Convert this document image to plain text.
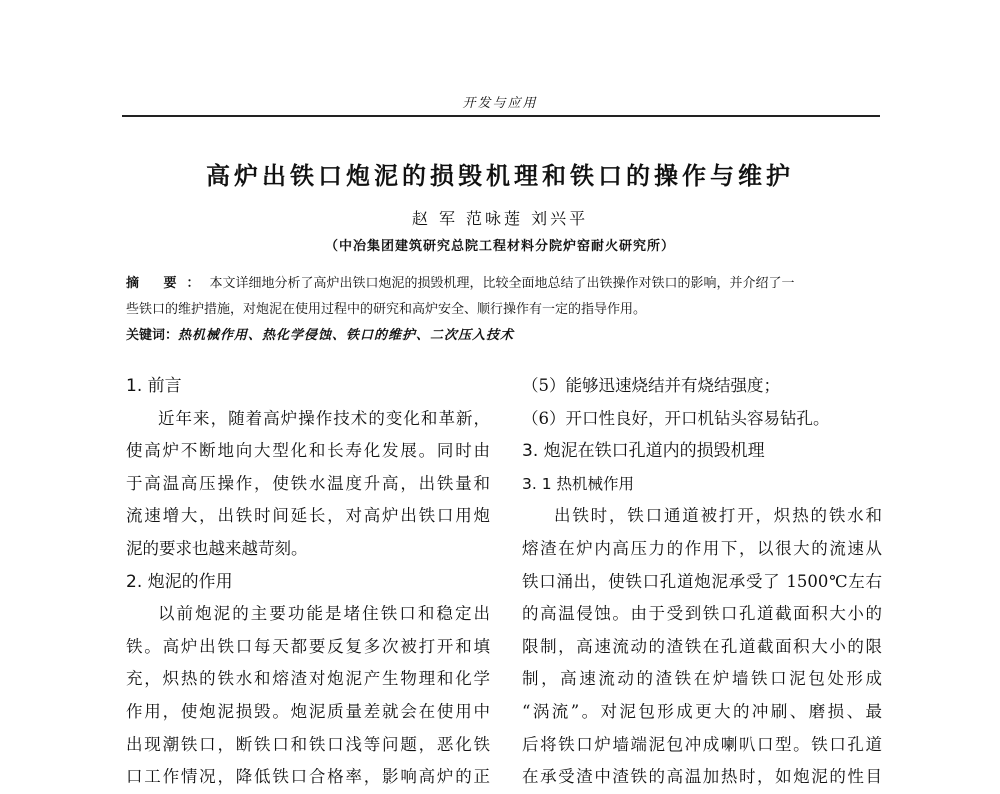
开发与应用
高炉出铁口炮泥的损毁机理和铁口的操作与维护
赵 军 范咏莲 刘兴平
（中冶集团建筑研究总院工程材料分院炉窑耐火研究所）
摘 要：本文详细地分析了高炉出铁口炮泥的损毁机理，比较全面地总结了出铁操作对铁口的影响，并介绍了一
些铁口的维护措施，对炮泥在使用过程中的研究和高炉安全、顺行操作有一定的指导作用。
关键词：热机械作用、热化学侵蚀、铁口的维护、二次压入技术
1. 前言
近年来，随着高炉操作技术的变化和革新，
使高炉不断地向大型化和长寿化发展。同时由
于高温高压操作，使铁水温度升高，出铁量和
流速增大，出铁时间延长，对高炉出铁口用炮
泥的要求也越来越苛刻。
2. 炮泥的作用
以前炮泥的主要功能是堵住铁口和稳定出
铁。高炉出铁口每天都要反复多次被打开和填
充，炽热的铁水和熔渣对炮泥产生物理和化学
作用，使炮泥损毁。炮泥质量差就会在使用中
出现潮铁口，断铁口和铁口浅等问题，恶化铁
口工作情况，降低铁口合格率，影响高炉的正
（5）能够迅速烧结并有烧结强度；
（6）开口性良好，开口机钻头容易钻孔。
3. 炮泥在铁口孔道内的损毁机理
3. 1 热机械作用
出铁时，铁口通道被打开，炽热的铁水和
熔渣在炉内高压力的作用下，以很大的流速从
铁口涌出，使铁口孔道炮泥承受了 1500℃左右
的高温侵蚀。由于受到铁口孔道截面积大小的
限制，高速流动的渣铁在孔道截面积大小的限
制，高速流动的渣铁在炉墙铁口泥包处形成
“涡流”。对泥包形成更大的冲刷、磨损、最
后将铁口炉墙端泥包冲成喇叭口型。铁口孔道
在承受渣中渣铁的高温加热时，如炮泥的性目
